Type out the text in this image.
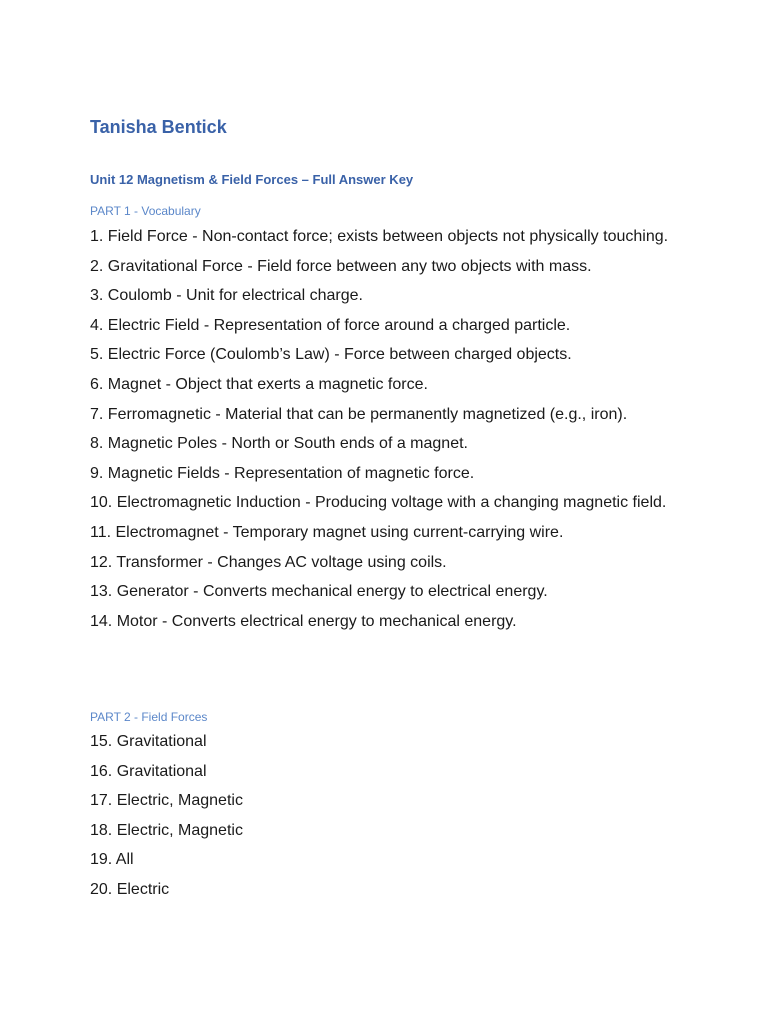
Tanisha Bentick
Unit 12 Magnetism & Field Forces – Full Answer Key
PART 1 - Vocabulary
1. Field Force - Non-contact force; exists between objects not physically touching.
2. Gravitational Force - Field force between any two objects with mass.
3. Coulomb - Unit for electrical charge.
4. Electric Field - Representation of force around a charged particle.
5. Electric Force (Coulomb’s Law) - Force between charged objects.
6. Magnet - Object that exerts a magnetic force.
7. Ferromagnetic - Material that can be permanently magnetized (e.g., iron).
8. Magnetic Poles - North or South ends of a magnet.
9. Magnetic Fields - Representation of magnetic force.
10. Electromagnetic Induction - Producing voltage with a changing magnetic field.
11. Electromagnet - Temporary magnet using current-carrying wire.
12. Transformer - Changes AC voltage using coils.
13. Generator - Converts mechanical energy to electrical energy.
14. Motor - Converts electrical energy to mechanical energy.
PART 2 - Field Forces
15. Gravitational
16. Gravitational
17. Electric, Magnetic
18. Electric, Magnetic
19. All
20. Electric
